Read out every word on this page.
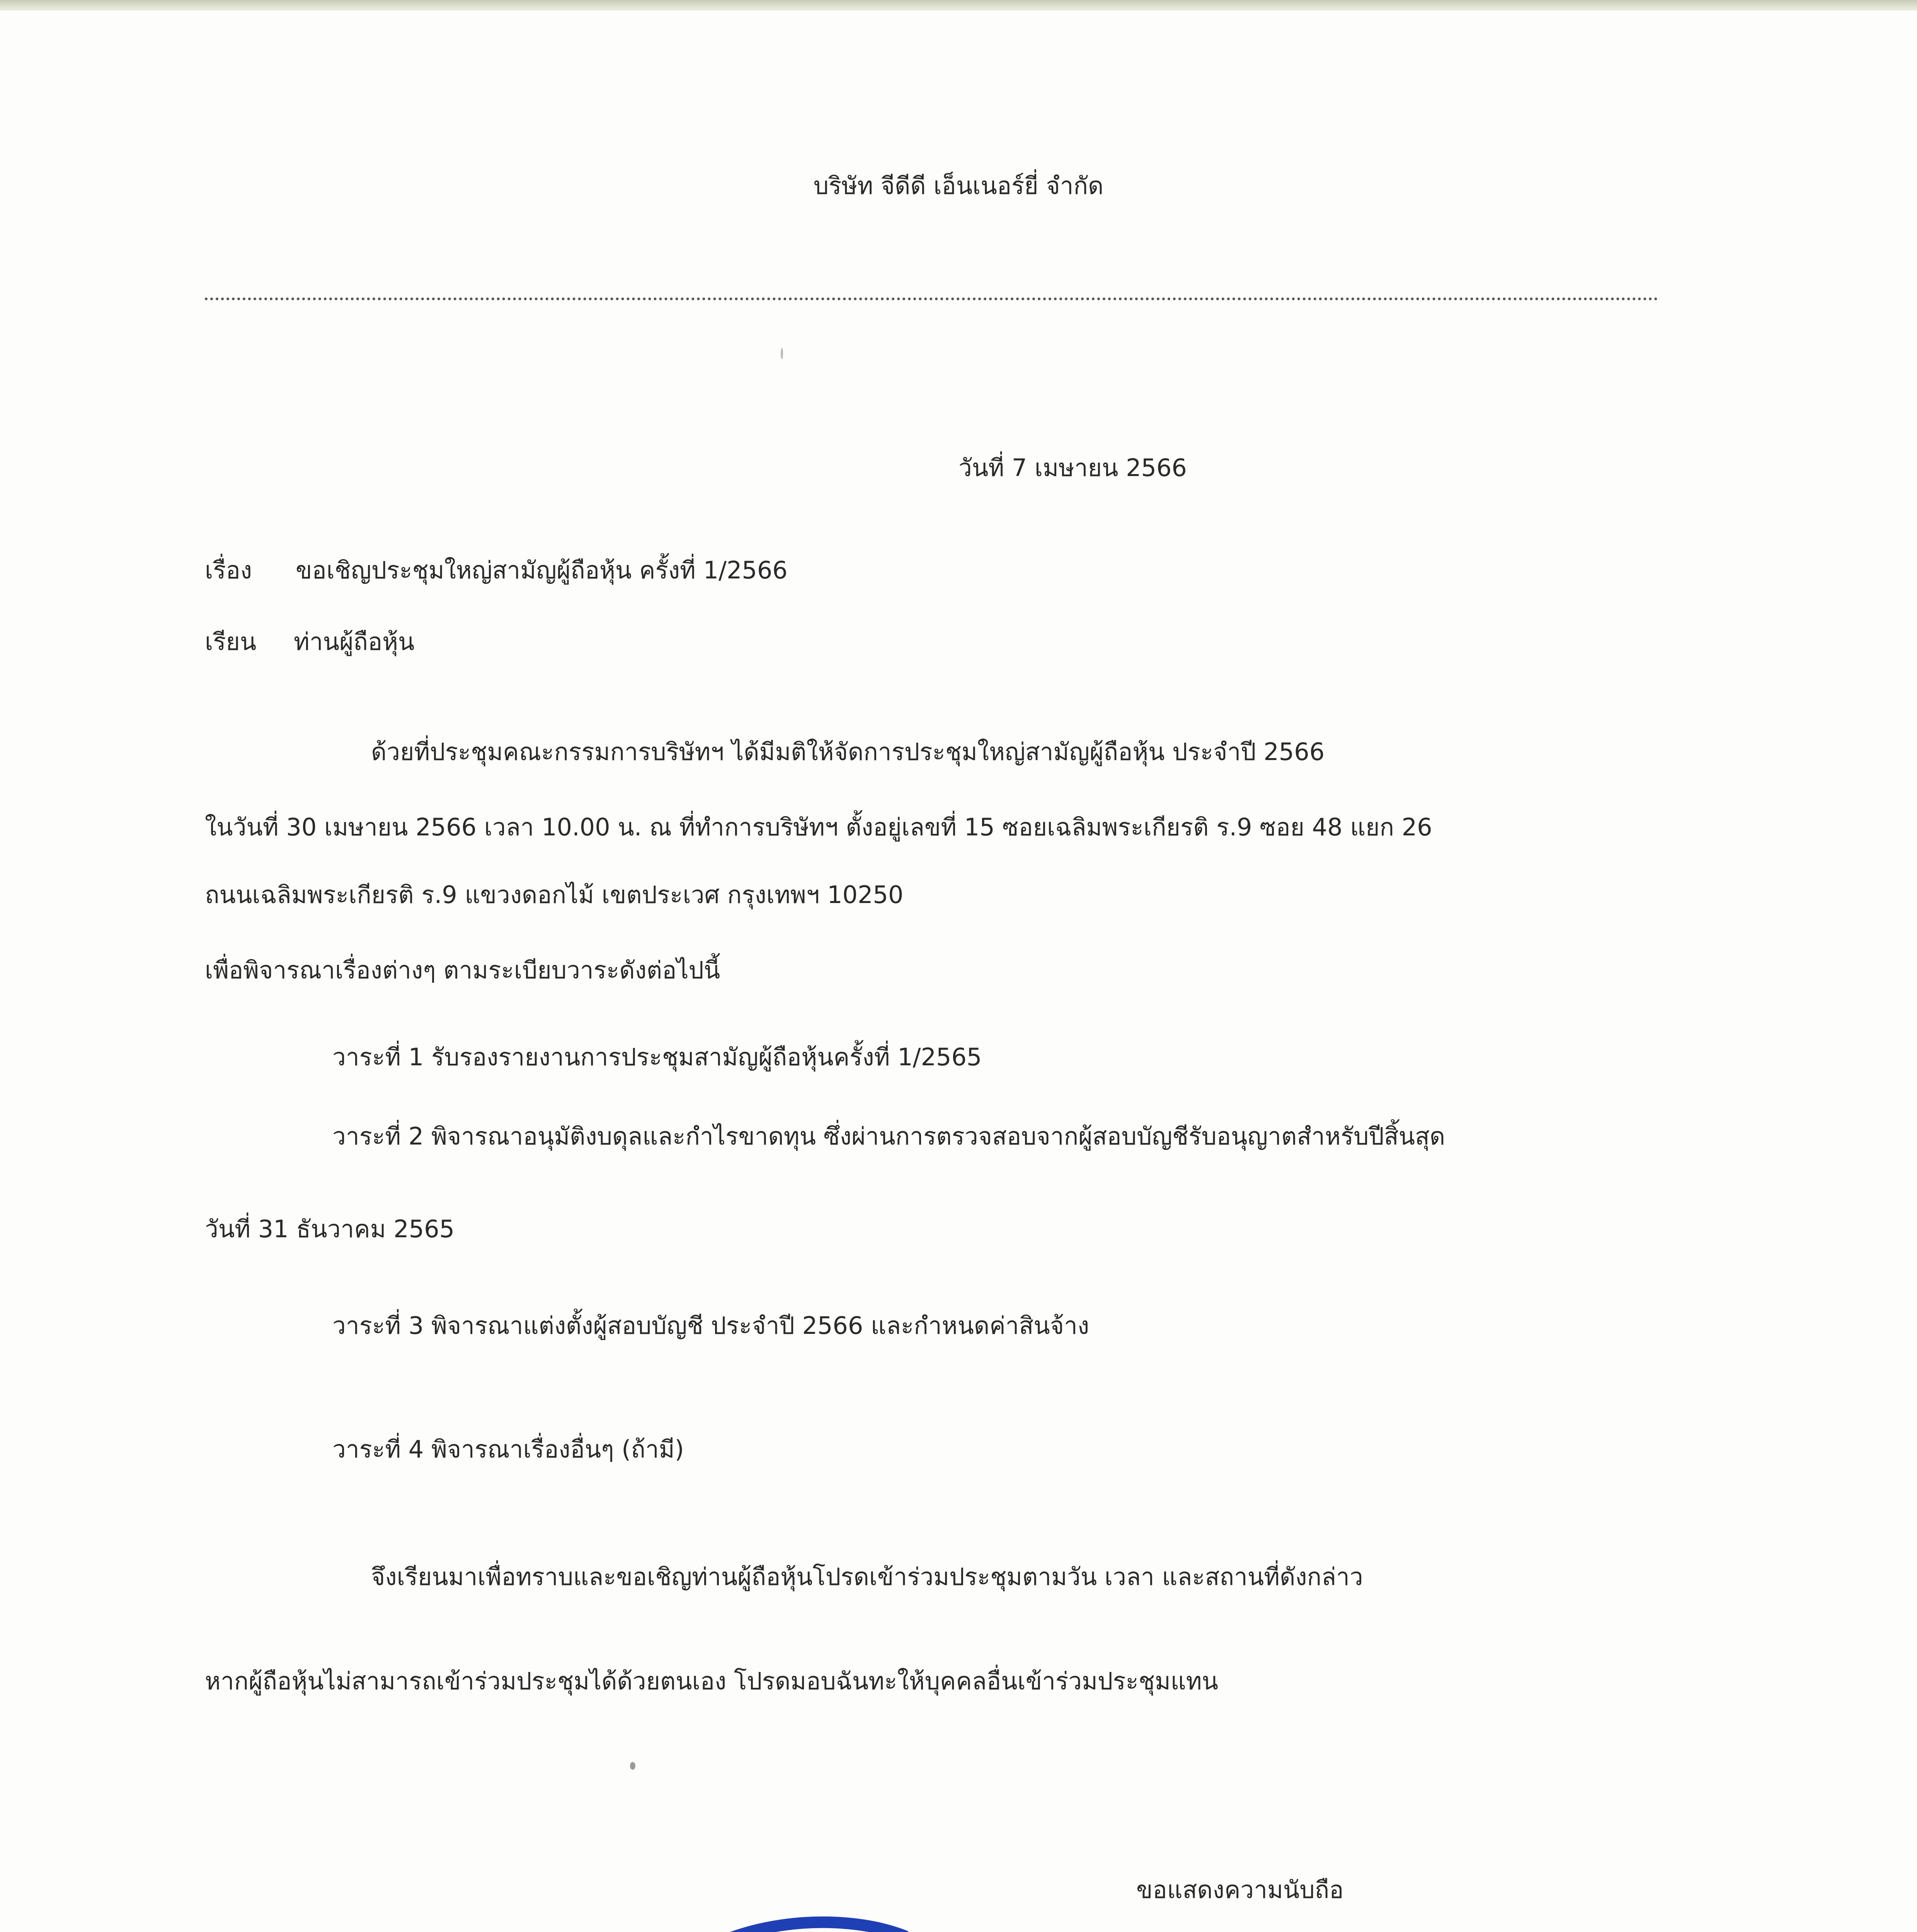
บริษัท จีดีดี เอ็นเนอร์ยี่ จำกัด
วันที่ 7 เมษายน 2566
เรื่อง ขอเชิญประชุมใหญ่สามัญผู้ถือหุ้น ครั้งที่ 1/2566
เรียน ท่านผู้ถือหุ้น
ด้วยที่ประชุมคณะกรรมการบริษัทฯ ได้มีมติให้จัดการประชุมใหญ่สามัญผู้ถือหุ้น ประจำปี 2566
ในวันที่ 30 เมษายน 2566 เวลา 10.00 น. ณ ที่ทำการบริษัทฯ ตั้งอยู่เลขที่ 15 ซอยเฉลิมพระเกียรติ ร.9 ซอย 48 แยก 26
ถนนเฉลิมพระเกียรติ ร.9 แขวงดอกไม้ เขตประเวศ กรุงเทพฯ 10250
เพื่อพิจารณาเรื่องต่างๆ ตามระเบียบวาระดังต่อไปนี้
วาระที่ 1 รับรองรายงานการประชุมสามัญผู้ถือหุ้นครั้งที่ 1/2565
วาระที่ 2 พิจารณาอนุมัติงบดุลและกำไรขาดทุน ซึ่งผ่านการตรวจสอบจากผู้สอบบัญชีรับอนุญาตสำหรับปีสิ้นสุด
วันที่ 31 ธันวาคม 2565
วาระที่ 3 พิจารณาแต่งตั้งผู้สอบบัญชี ประจำปี 2566 และกำหนดค่าสินจ้าง
วาระที่ 4 พิจารณาเรื่องอื่นๆ (ถ้ามี)
จึงเรียนมาเพื่อทราบและขอเชิญท่านผู้ถือหุ้นโปรดเข้าร่วมประชุมตามวัน เวลา และสถานที่ดังกล่าว
หากผู้ถือหุ้นไม่สามารถเข้าร่วมประชุมได้ด้วยตนเอง โปรดมอบฉันทะให้บุคคลอื่นเข้าร่วมประชุมแทน
ขอแสดงความนับถือ
